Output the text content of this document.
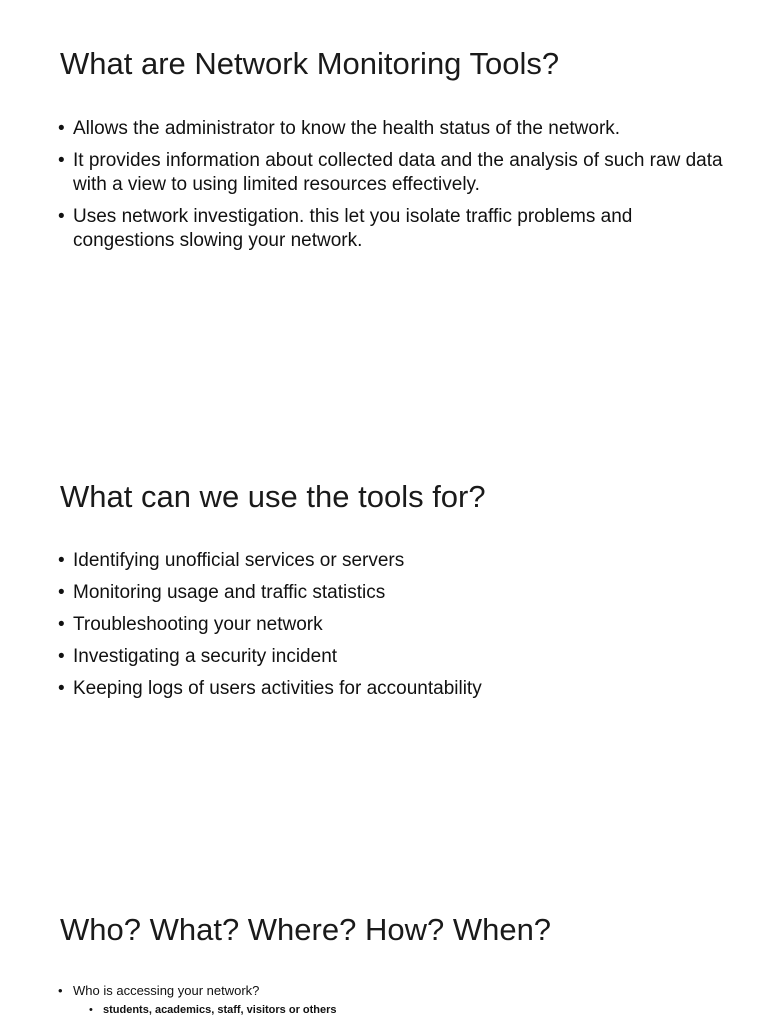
What are Network Monitoring Tools?
• Allows the administrator to know the health status of the network.
• It provides information about collected data and the analysis of such raw data with a view to using limited resources effectively.
• Uses network investigation. this let you isolate traffic problems and congestions slowing your network.
What can we use the tools for?
• Identifying unofficial services or servers
• Monitoring usage and traffic statistics
• Troubleshooting your network
• Investigating a security incident
• Keeping logs of users activities for accountability
Who? What? Where? How? When?
• Who is accessing your network?
• students, academics, staff, visitors or others
